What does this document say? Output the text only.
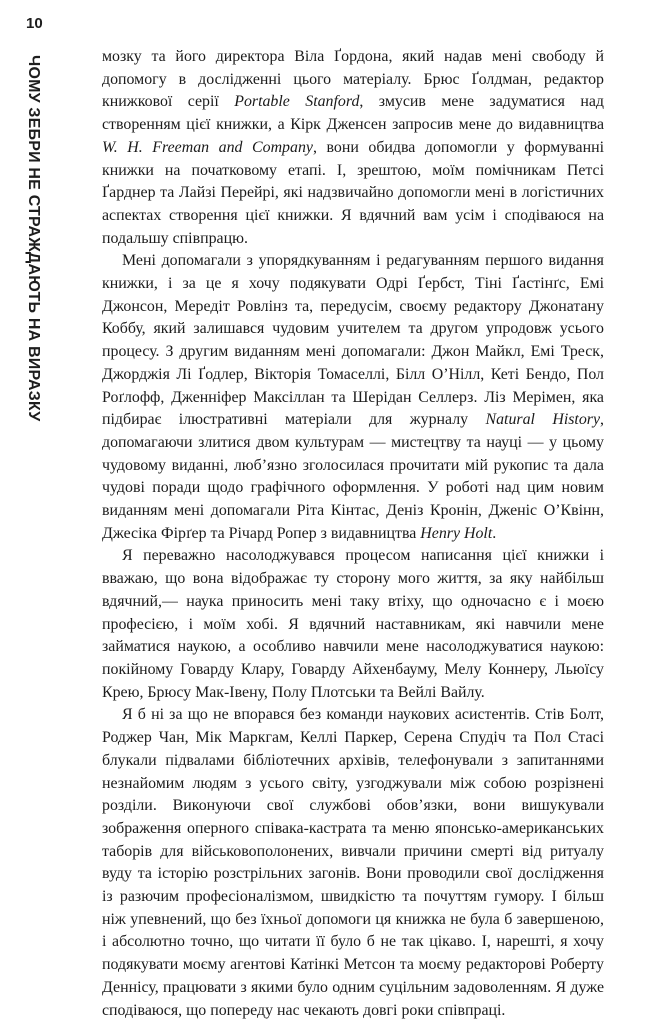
10
ЧОМУ ЗЕБРИ НЕ СТРАЖДАЮТЬ НА ВИРАЗКУ	мозку та його директора Віла Ґордона, який надав мені свободу й допомогу в дослідженні цього матеріалу. Брюс Ґолдман, редактор книжкової серії Portable Stanford, змусив мене задуматися над створенням цієї книжки, а Кірк Дженсен запросив мене до видавництва W. H. Freeman and Company, вони обидва допомогли у формуванні книжки на початковому етапі. І, зрештою, моїм помічникам Петсі Ґарднер та Лайзі Перейрі, які надзвичайно допомогли мені в логістичних аспектах створення цієї книжки. Я вдячний вам усім і сподіваюся на подальшу співпрацю.

Мені допомагали з упорядкуванням і редагуванням першого видання книжки, і за це я хочу подякувати Одрі Ґербст, Тіні Ґастінґс, Емі Джонсон, Мередіт Ровлінз та, передусім, своєму редактору Джонатану Коббу, який залишався чудовим учителем та другом упродовж усього процесу. З другим виданням мені допомагали: Джон Майкл, Емі Треск, Джорджія Лі Ґодлер, Вікторія Томаселлі, Білл О’Нілл, Кеті Бендо, Пол Роґлофф, Дженніфер Максіллан та Шерідан Селлерз. Ліз Мерімен, яка підбирає ілюстративні матеріали для журналу Natural History, допомагаючи злитися двом культурам — мистецтву та науці — у цьому чудовому виданні, люб’язно зголосилася прочитати мій рукопис та дала чудові поради щодо графічного оформлення. У роботі над цим новим виданням мені допомагали Ріта Кінтас, Деніз Кронін, Дженіс О’Квінн, Джесіка Фірґер та Річард Ропер з видавництва Henry Holt.

Я переважно насолоджувався процесом написання цієї книжки і вважаю, що вона відображає ту сторону мого життя, за яку найбільш вдячний,— наука приносить мені таку втіху, що одночасно є і моєю професією, і моїм хобі. Я вдячний наставникам, які навчили мене займатися наукою, а особливо навчили мене насолоджуватися наукою: покійному Говарду Клару, Говарду Айхенбауму, Мелу Коннеру, Льюїсу Крею, Брюсу Мак-Івену, Полу Плотськи та Вейлі Вайлу.

Я б ні за що не впорався без команди наукових асистентів. Стів Болт, Роджер Чан, Мік Маркгам, Келлі Паркер, Серена Спудіч та Пол Стасі блукали підвалами бібліотечних архівів, телефонували з запитаннями незнайомим людям з усього світу, узгоджували між собою розрізнені розділи. Виконуючи свої службові обов’язки, вони вишукували зображення оперного співака-кастрата та меню японсько-американських таборів для військовополонених, вивчали причини смерті від ритуалу вуду та історію розстрільних загонів. Вони проводили свої дослідження із разючим професіоналізмом, швидкістю та почуттям гумору. І більш ніж упевнений, що без їхньої допомоги ця книжка не була б завершеною, і абсолютно точно, що читати її було б не так цікаво. І, нарешті, я хочу подякувати моєму агентові Катінкі Метсон та моєму редакторові Роберту Деннісу, працювати з якими було одним суцільним задоволенням. Я дуже сподіваюся, що попереду нас чекають довгі роки співпраці.
